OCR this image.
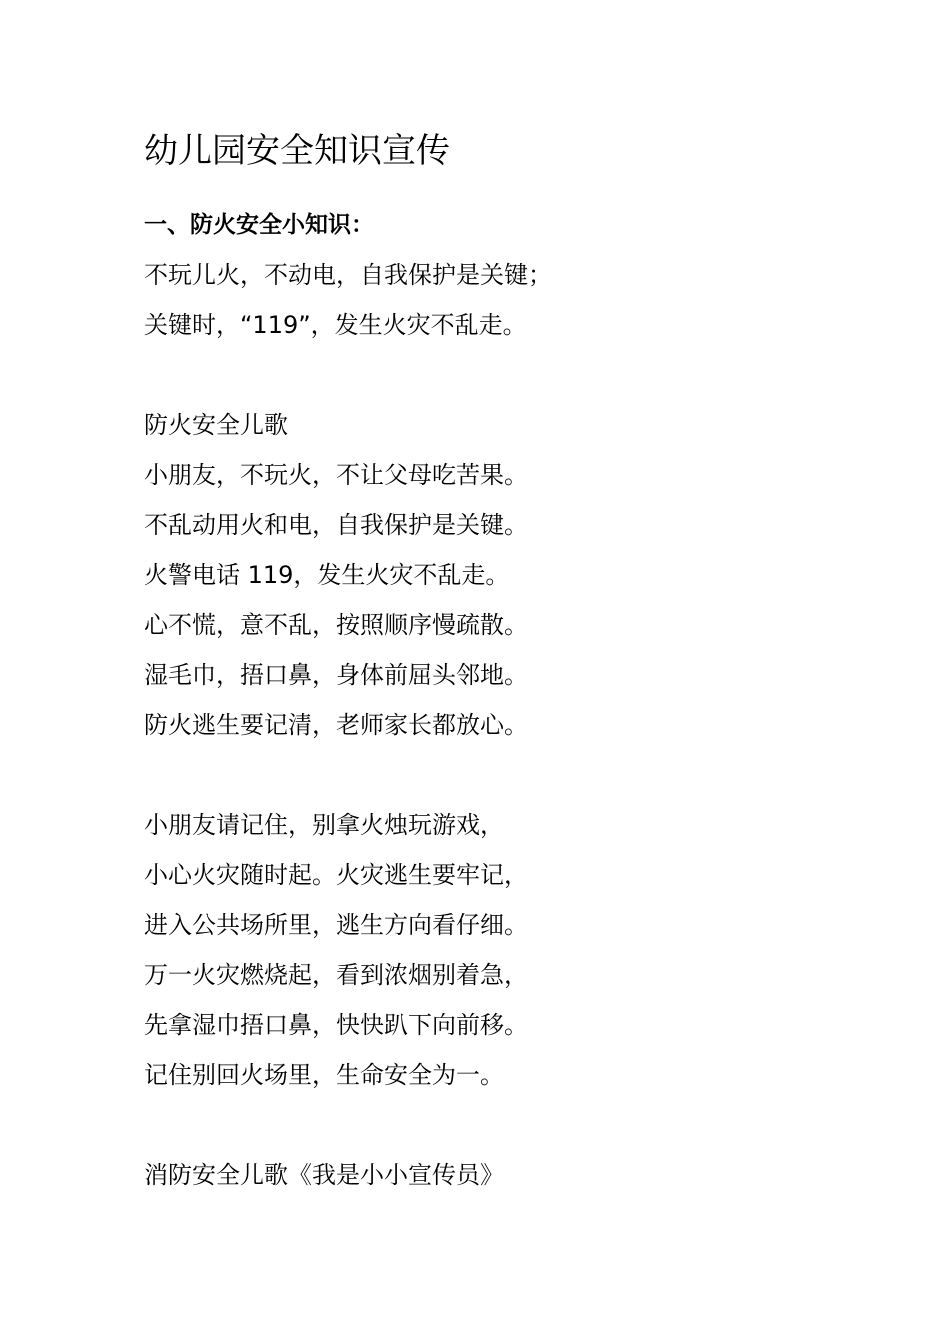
幼儿园安全知识宣传
一、防火安全小知识：
不玩儿火，不动电，自我保护是关键；
关键时，“119”，发生火灾不乱走。
防火安全儿歌
小朋友，不玩火，不让父母吃苦果。
不乱动用火和电，自我保护是关键。
火警电话 119，发生火灾不乱走。
心不慌，意不乱，按照顺序慢疏散。
湿毛巾，捂口鼻，身体前屈头邻地。
防火逃生要记清，老师家长都放心。
小朋友请记住，别拿火烛玩游戏，
小心火灾随时起。火灾逃生要牢记，
进入公共场所里，逃生方向看仔细。
万一火灾燃烧起，看到浓烟别着急，
先拿湿巾捂口鼻，快快趴下向前移。
记住别回火场里，生命安全为一。
消防安全儿歌《我是小小宣传员》
